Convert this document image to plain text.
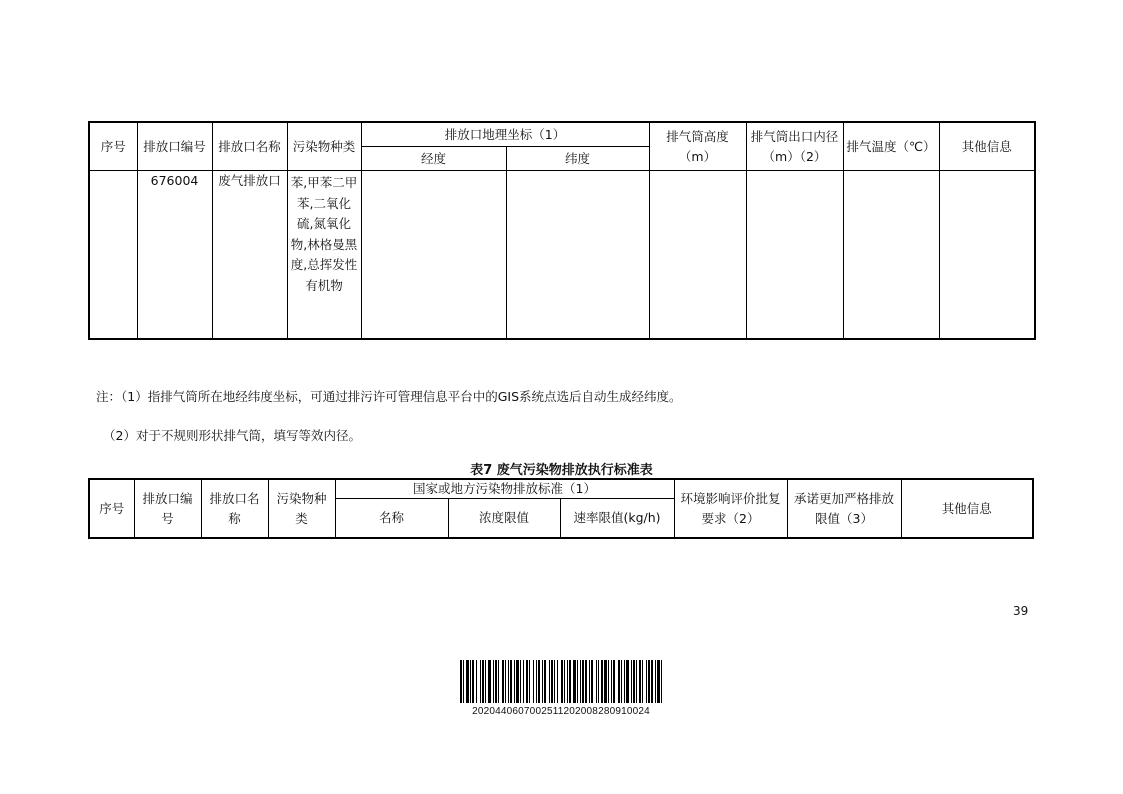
序号	排放口编号	排放口名称	污染物种类	排放口地理坐标（1）		排气筒高度（m）	排气筒出口内径（m）（2）	排气温度（℃）	其他信息
				经度	纬度				
	676004	废气排放口	苯,甲苯二甲苯,二氧化硫,氮氧化物,林格曼黑度,总挥发性有机物						
注：（1）指排气筒所在地经纬度坐标，可通过排污许可管理信息平台中的GIS系统点选后自动生成经纬度。
（2）对于不规则形状排气筒，填写等效内径。
表7 废气污染物排放执行标准表
序号	排放口编号	排放口名称	污染物种类	国家或地方污染物排放标准（1）			环境影响评价批复要求（2）	承诺更加严格排放限值（3）	其他信息
				名称	浓度限值	速率限值(kg/h)			
39
2020440607002511202008280910024
